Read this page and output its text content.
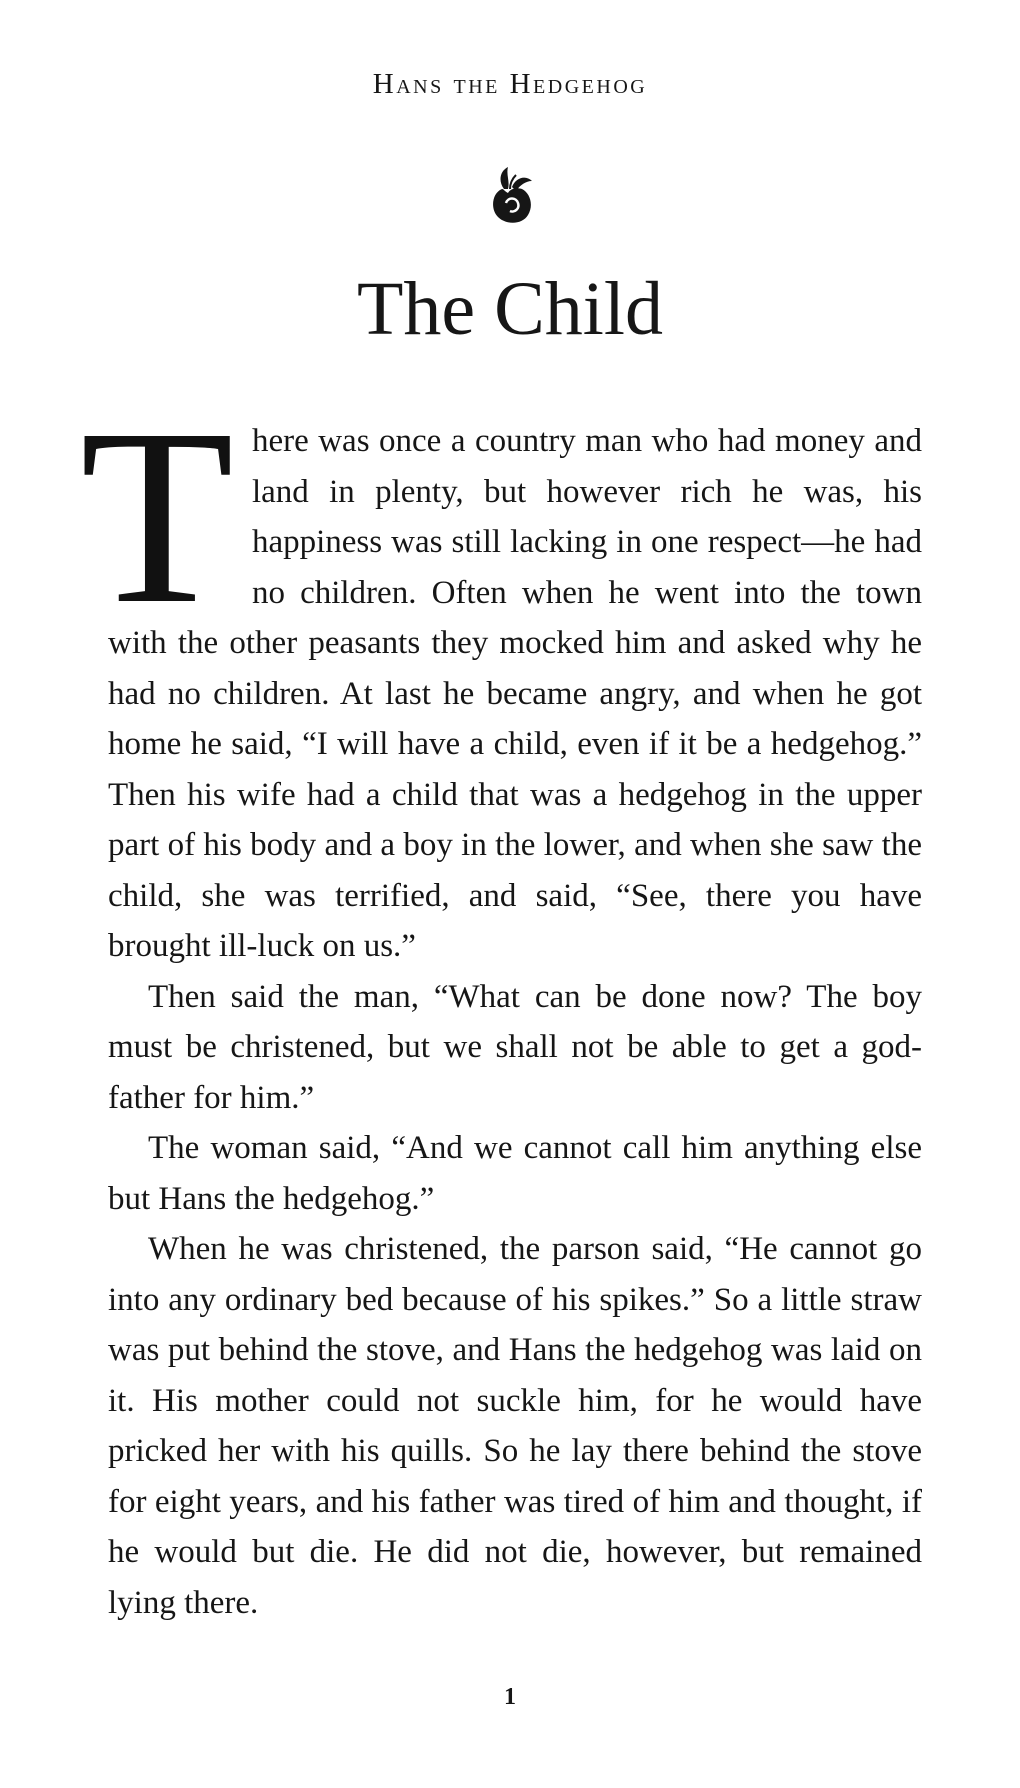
Hans the Hedgehog
The Child

There was once a country man who had money and land in plenty, but however rich he was, his happiness was still lacking in one respect—he had no children. Often when he went into the town with the other peasants they mocked him and asked why he had no children. At last he became angry, and when he got home he said, “I will have a child, even if it be a hedgehog.” Then his wife had a child that was a hedgehog in the upper part of his body and a boy in the lower, and when she saw the child, she was terrified, and said, “See, there you have brought ill-luck on us.”

Then said the man, “What can be done now? The boy must be christened, but we shall not be able to get a god-father for him.”

The woman said, “And we cannot call him anything else but Hans the hedgehog.”

When he was christened, the parson said, “He cannot go into any ordinary bed because of his spikes.” So a little straw was put behind the stove, and Hans the hedgehog was laid on it. His mother could not suckle him, for he would have pricked her with his quills. So he lay there behind the stove for eight years, and his father was tired of him and thought, if he would but die. He did not die, however, but remained lying there.

1
